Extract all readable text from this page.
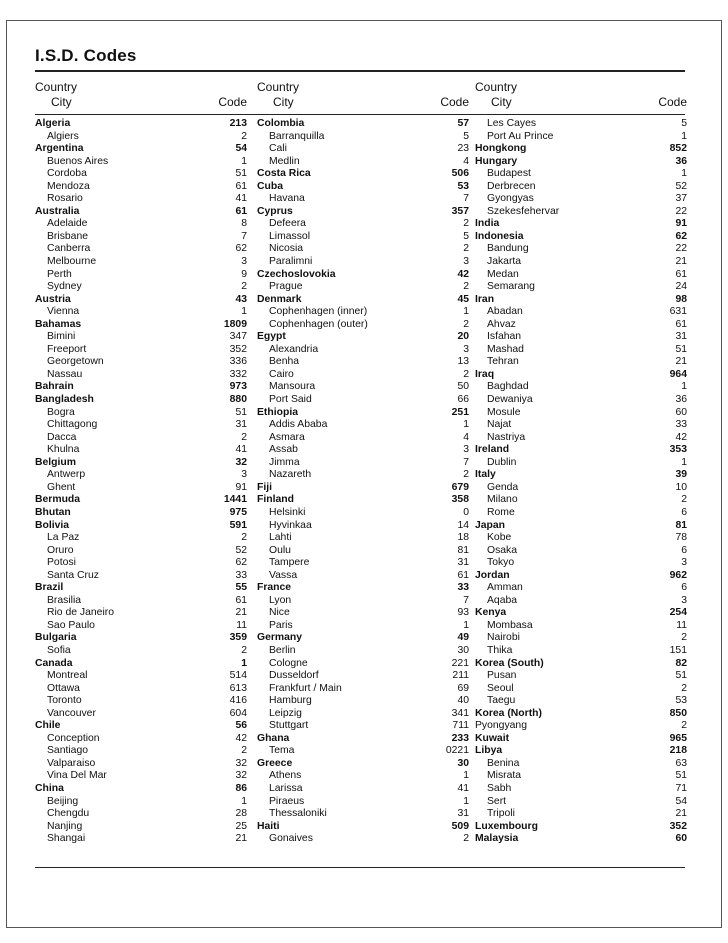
I.S.D. Codes
Country
City	Code
Algeria	213
Algiers	2
Argentina	54
Buenos Aires	1
Cordoba	51
Mendoza	61
Rosario	41
Australia	61
Adelaide	8
Brisbane	7
Canberra	62
Melbourne	3
Perth	9
Sydney	2
Austria	43
Vienna	1
Bahamas	1809
Bimini	347
Freeport	352
Georgetown	336
Nassau	332
Bahrain	973
Bangladesh	880
Bogra	51
Chittagong	31
Dacca	2
Khulna	41
Belgium	32
Antwerp	3
Ghent	91
Bermuda	1441
Bhutan	975
Bolivia	591
La Paz	2
Oruro	52
Potosi	62
Santa Cruz	33
Brazil	55
Brasilia	61
Rio de Janeiro	21
Sao Paulo	11
Bulgaria	359
Sofia	2
Canada	1
Montreal	514
Ottawa	613
Toronto	416
Vancouver	604
Chile	56
Conception	42
Santiago	2
Valparaiso	32
Vina Del Mar	32
China	86
Beijing	1
Chengdu	28
Nanjing	25
Shangai	21
Country
City	Code
Colombia	57
Barranquilla	5
Cali	23
Medlin	4
Costa Rica	506
Cuba	53
Havana	7
Cyprus	357
Defeera	2
Limassol	5
Nicosia	2
Paralimni	3
Czechoslovokia	42
Prague	2
Denmark	45
Cophenhagen (inner)	1
Cophenhagen (outer)	2
Egypt	20
Alexandria	3
Benha	13
Cairo	2
Mansoura	50
Port Said	66
Ethiopia	251
Addis Ababa	1
Asmara	4
Assab	3
Jimma	7
Nazareth	2
Fiji	679
Finland	358
Helsinki	0
Hyvinkaa	14
Lahti	18
Oulu	81
Tampere	31
Vassa	61
France	33
Lyon	7
Nice	93
Paris	1
Germany	49
Berlin	30
Cologne	221
Dusseldorf	211
Frankfurt / Main	69
Hamburg	40
Leipzig	341
Stuttgart	711
Ghana	233
Tema	0221
Greece	30
Athens	1
Larissa	41
Piraeus	1
Thessaloniki	31
Haiti	509
Gonaives	2
Country
City	Code
Les Cayes	5
Port Au Prince	1
Hongkong	852
Hungary	36
Budapest	1
Derbrecen	52
Gyongyas	37
Szekesfehervar	22
India	91
Indonesia	62
Bandung	22
Jakarta	21
Medan	61
Semarang	24
Iran	98
Abadan	631
Ahvaz	61
Isfahan	31
Mashad	51
Tehran	21
Iraq	964
Baghdad	1
Dewaniya	36
Mosule	60
Najat	33
Nastriya	42
Ireland	353
Dublin	1
Italy	39
Genda	10
Milano	2
Rome	6
Japan	81
Kobe	78
Osaka	6
Tokyo	3
Jordan	962
Amman	6
Aqaba	3
Kenya	254
Mombasa	11
Nairobi	2
Thika	151
Korea (South)	82
Pusan	51
Seoul	2
Taegu	53
Korea (North)	850
Pyongyang	2
Kuwait	965
Libya	218
Benina	63
Misrata	51
Sabh	71
Sert	54
Tripoli	21
Luxembourg	352
Malaysia	60
